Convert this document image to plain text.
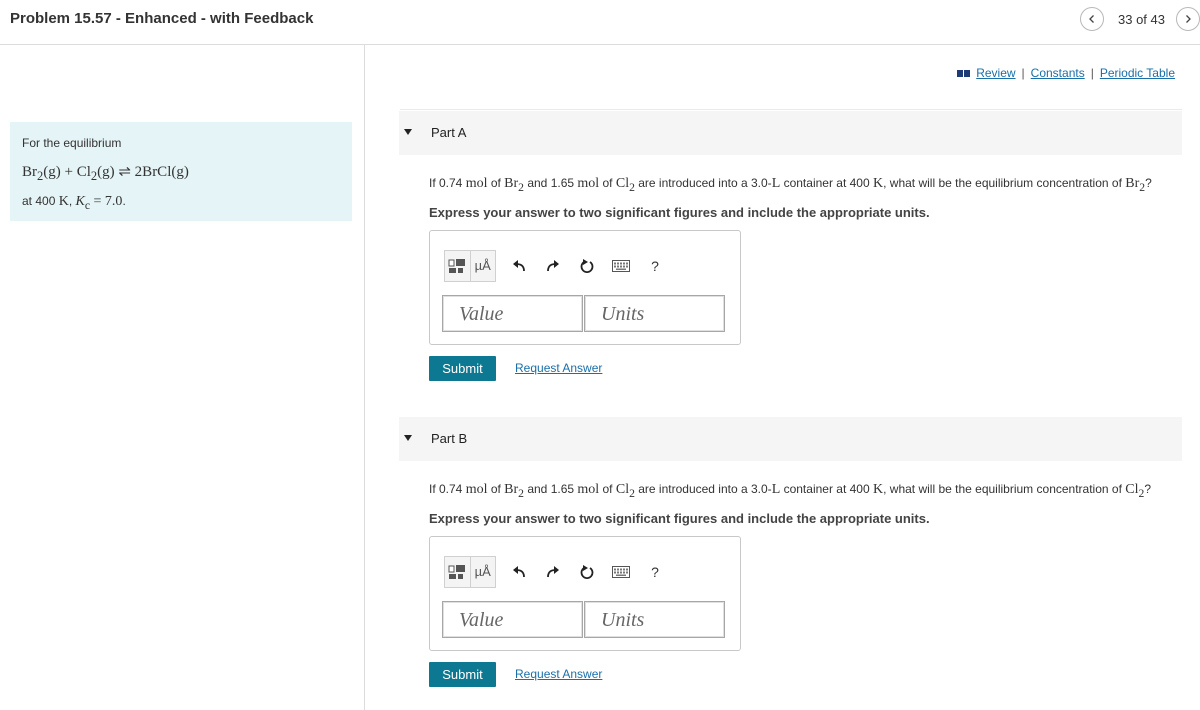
Problem 15.57 - Enhanced - with Feedback	33 of 43
For the equilibrium
$Br_2(g) + Cl_2(g)$ ⇌ 2BrCl(g)
at 400 K, $K_c = 7.0$.
Review | Constants | Periodic Table
Part A
If 0.74 mol of $Br_2$ and 1.65 mol of $Cl_2$ are introduced into a 3.0-L container at 400 K, what will be the equilibrium concentration of $Br_2$?
Express your answer to two significant figures and include the appropriate units.
µÅ	?
Value	Units
Submit	Request Answer
Part B
If 0.74 mol of $Br_2$ and 1.65 mol of $Cl_2$ are introduced into a 3.0-L container at 400 K, what will be the equilibrium concentration of $Cl_2$?
Express your answer to two significant figures and include the appropriate units.
µÅ	?
Value	Units
Submit	Request Answer
